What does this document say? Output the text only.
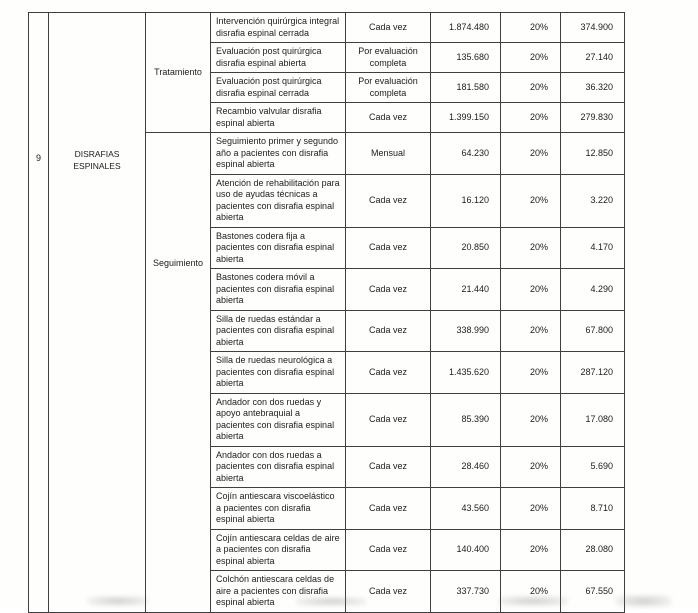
9	DISRAFIAS ESPINALES	Tratamiento	Intervención quirúrgica integral disrafia espinal cerrada	Cada vez	1.874.480	20%	374.900
			Evaluación post quirúrgica disrafia espinal abierta	Por evaluación completa	135.680	20%	27.140
			Evaluación post quirúrgica disrafia espinal cerrada	Por evaluación completa	181.580	20%	36.320
			Recambio valvular disrafia espinal abierta	Cada vez	1.399.150	20%	279.830
		Seguimiento	Seguimiento primer y segundo año a pacientes con disrafia espinal abierta	Mensual	64.230	20%	12.850
			Atención de rehabilitación para uso de ayudas técnicas a pacientes con disrafia espinal abierta	Cada vez	16.120	20%	3.220
			Bastones codera fija a pacientes con disrafia espinal abierta	Cada vez	20.850	20%	4.170
			Bastones codera móvil a pacientes con disrafia espinal abierta	Cada vez	21.440	20%	4.290
			Silla de ruedas estándar a pacientes con disrafia espinal abierta	Cada vez	338.990	20%	67.800
			Silla de ruedas neurológica a pacientes con disrafia espinal abierta	Cada vez	1.435.620	20%	287.120
			Andador con dos ruedas y apoyo antebraquial a pacientes con disrafia espinal abierta	Cada vez	85.390	20%	17.080
			Andador con dos ruedas a pacientes con disrafia espinal abierta	Cada vez	28.460	20%	5.690
			Cojín antiescara viscoelástico a pacientes con disrafia espinal abierta	Cada vez	43.560	20%	8.710
			Cojín antiescara celdas de aire a pacientes con disrafia espinal abierta	Cada vez	140.400	20%	28.080
			Colchón antiescara celdas de aire a pacientes con disrafia espinal abierta	Cada vez	337.730	20%	67.550
